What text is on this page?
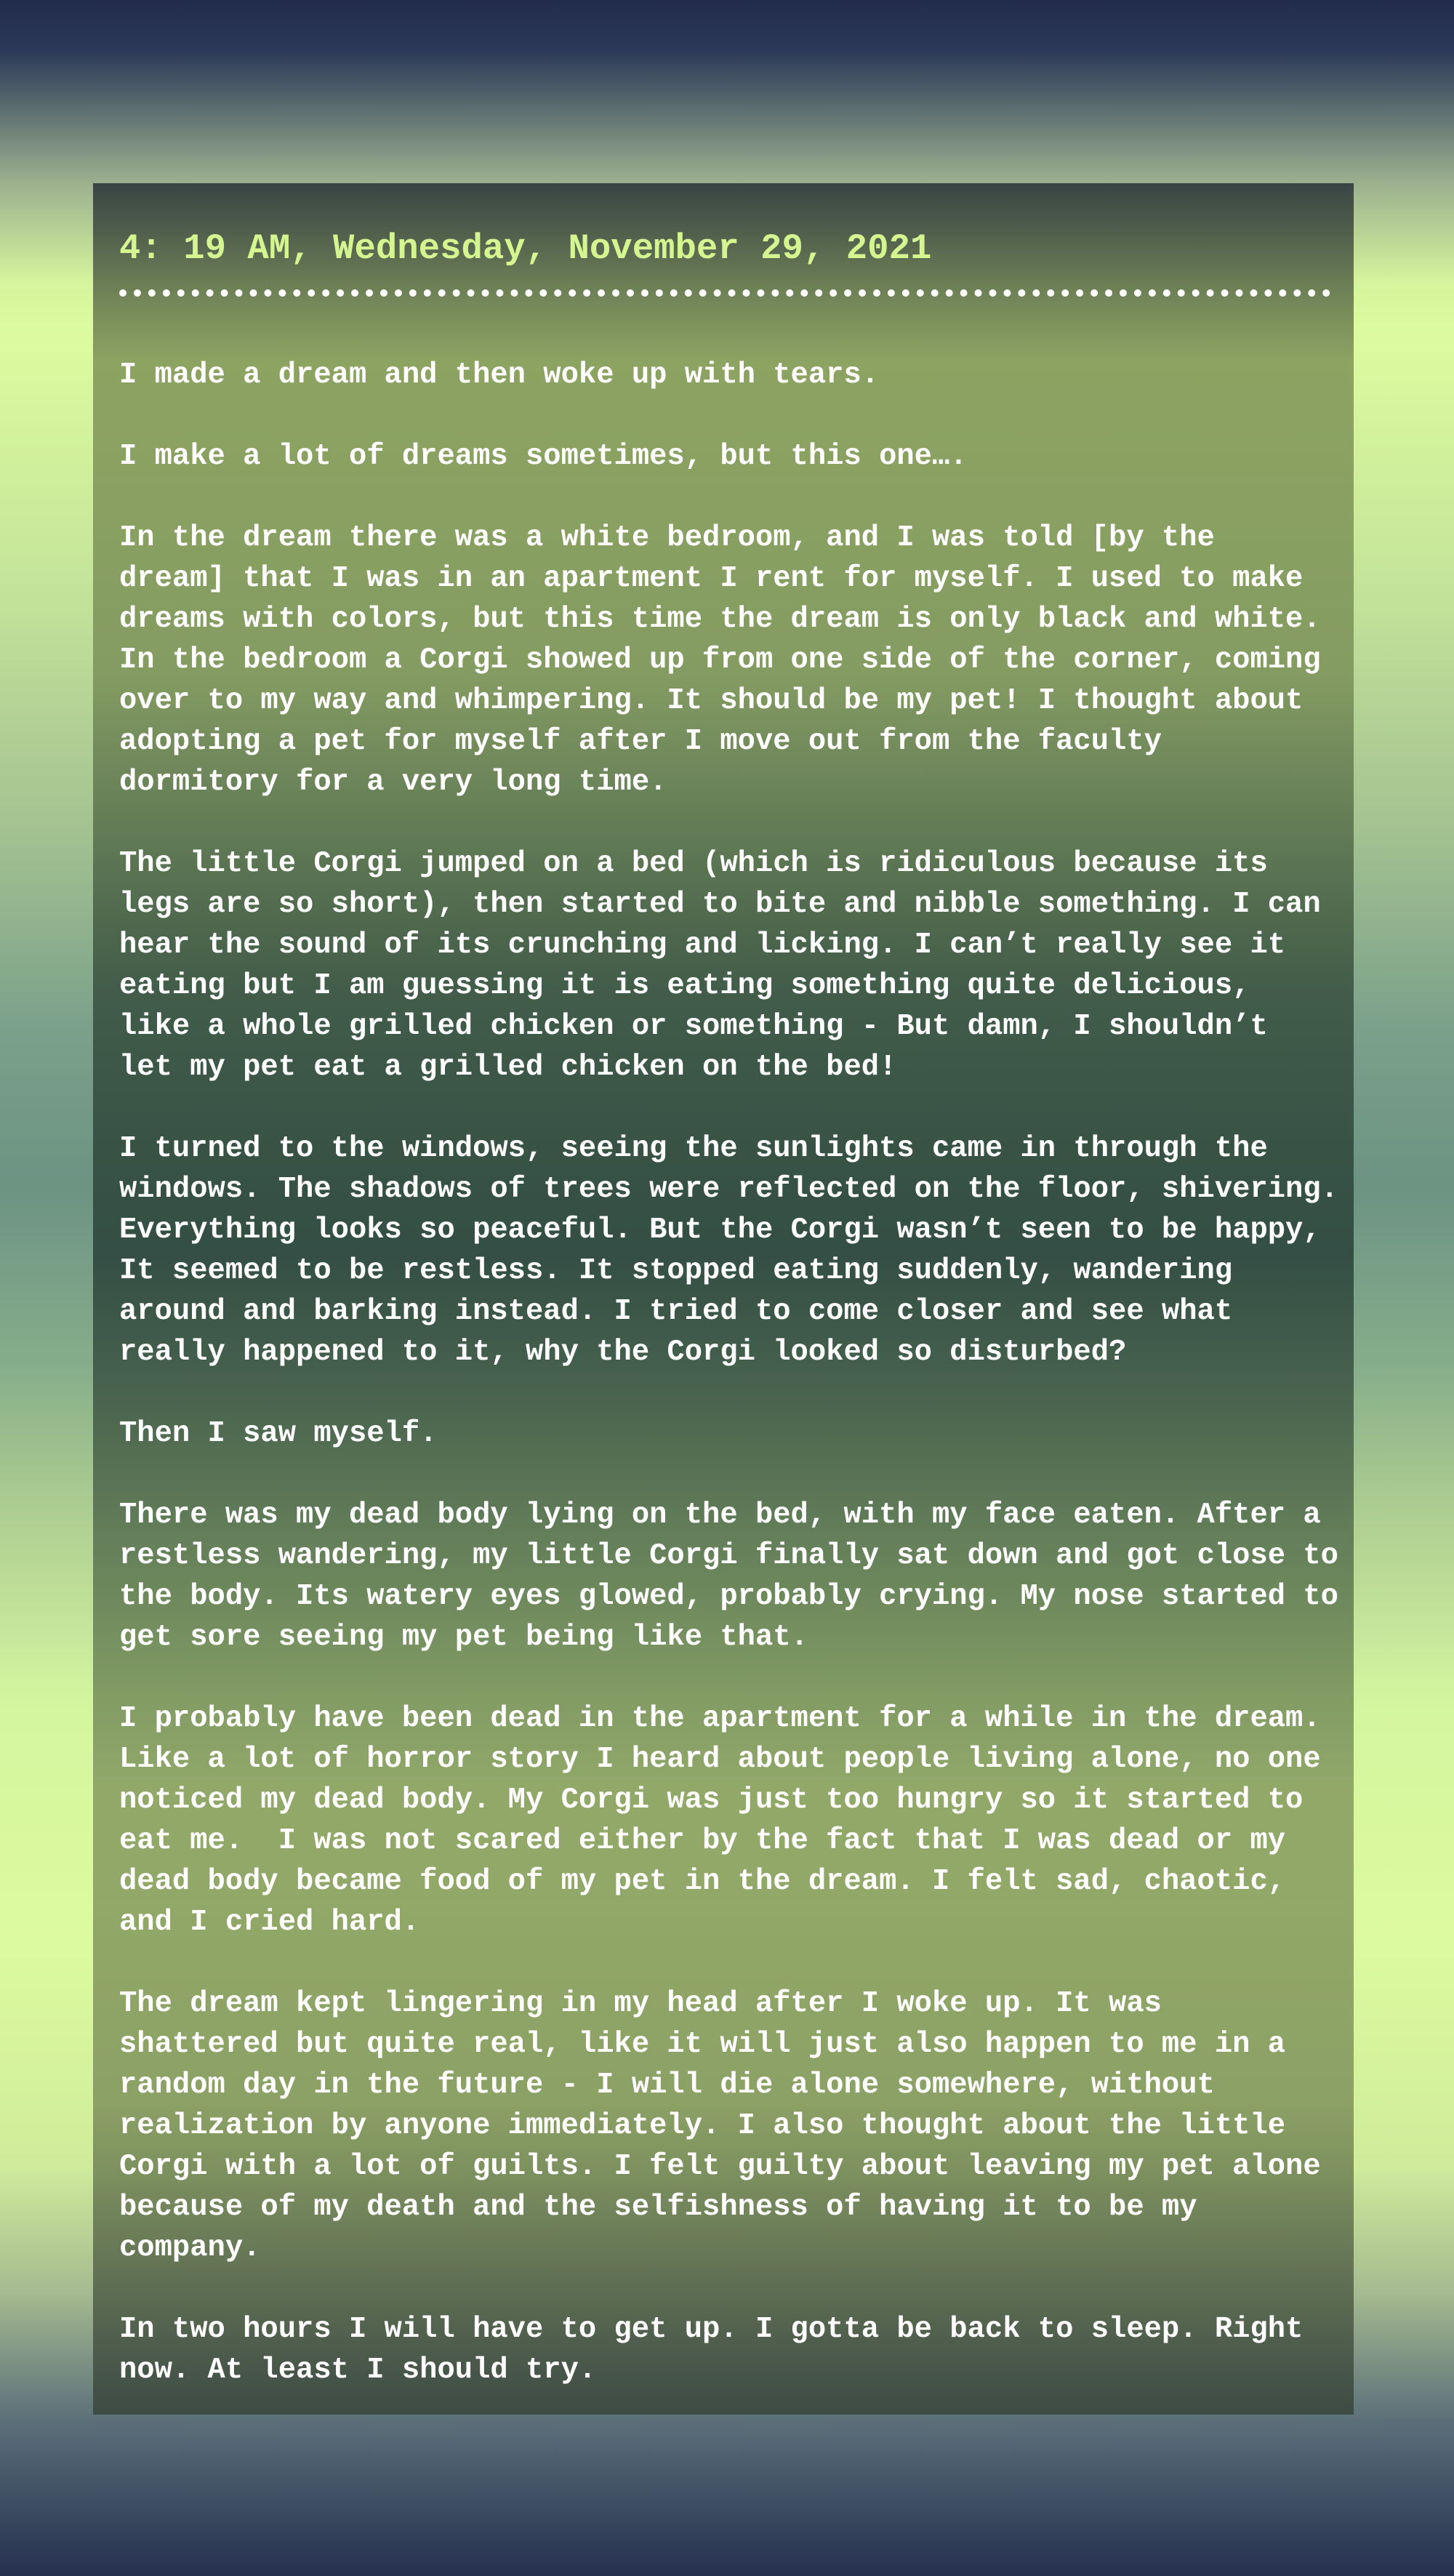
4: 19 AM, Wednesday, November 29, 2021

I made a dream and then woke up with tears.

I make a lot of dreams sometimes, but this one….

In the dream there was a white bedroom, and I was told [by the
dream] that I was in an apartment I rent for myself. I used to make
dreams with colors, but this time the dream is only black and white.
In the bedroom a Corgi showed up from one side of the corner, coming
over to my way and whimpering. It should be my pet! I thought about
adopting a pet for myself after I move out from the faculty
dormitory for a very long time.

The little Corgi jumped on a bed (which is ridiculous because its
legs are so short), then started to bite and nibble something. I can
hear the sound of its crunching and licking. I can’t really see it
eating but I am guessing it is eating something quite delicious,
like a whole grilled chicken or something - But damn, I shouldn’t
let my pet eat a grilled chicken on the bed!

I turned to the windows, seeing the sunlights came in through the
windows. The shadows of trees were reflected on the floor, shivering.
Everything looks so peaceful. But the Corgi wasn’t seen to be happy,
It seemed to be restless. It stopped eating suddenly, wandering
around and barking instead. I tried to come closer and see what
really happened to it, why the Corgi looked so disturbed?

Then I saw myself.

There was my dead body lying on the bed, with my face eaten. After a
restless wandering, my little Corgi finally sat down and got close to
the body. Its watery eyes glowed, probably crying. My nose started to
get sore seeing my pet being like that.

I probably have been dead in the apartment for a while in the dream.
Like a lot of horror story I heard about people living alone, no one
noticed my dead body. My Corgi was just too hungry so it started to
eat me.  I was not scared either by the fact that I was dead or my
dead body became food of my pet in the dream. I felt sad, chaotic,
and I cried hard.

The dream kept lingering in my head after I woke up. It was
shattered but quite real, like it will just also happen to me in a
random day in the future - I will die alone somewhere, without
realization by anyone immediately. I also thought about the little
Corgi with a lot of guilts. I felt guilty about leaving my pet alone
because of my death and the selfishness of having it to be my
company.

In two hours I will have to get up. I gotta be back to sleep. Right
now. At least I should try.
